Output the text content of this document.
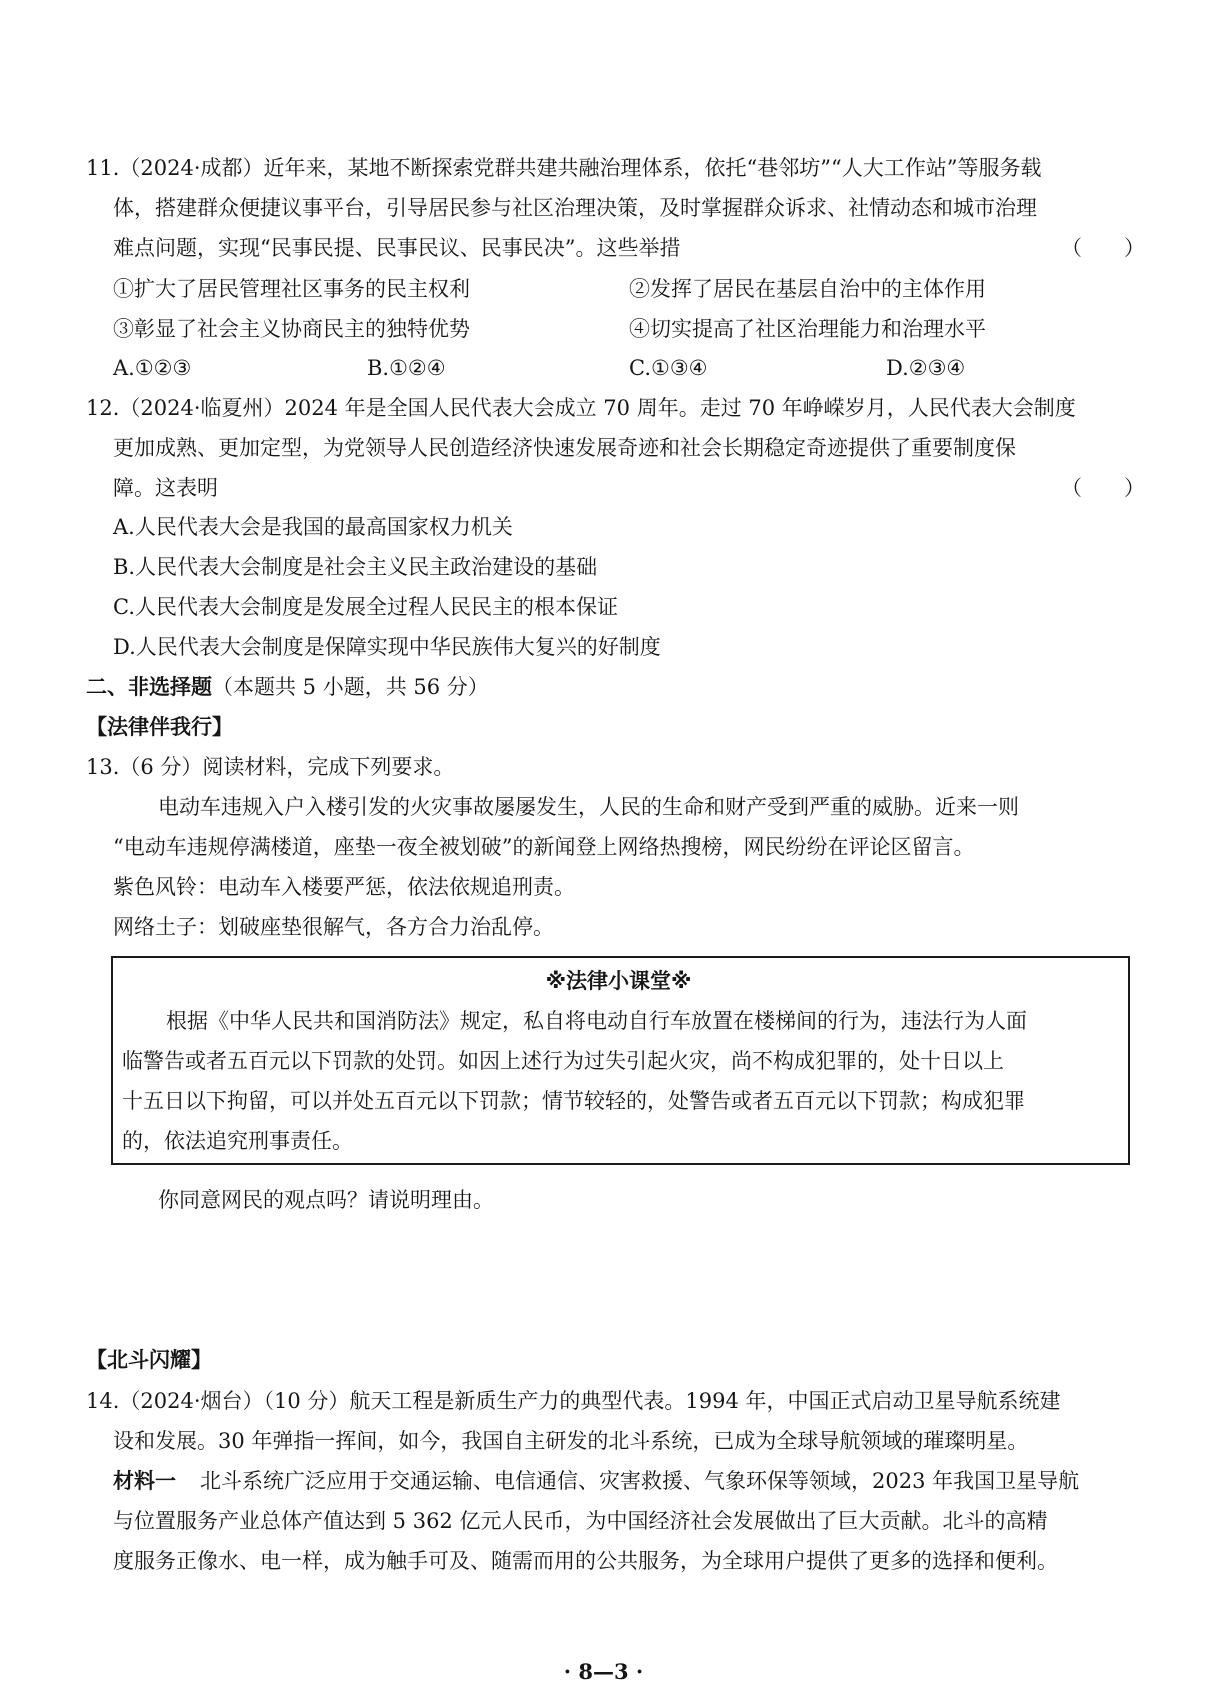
11.（2024·成都）近年来，某地不断探索党群共建共融治理体系，依托“巷邻坊”“人大工作站”等服务载
体，搭建群众便捷议事平台，引导居民参与社区治理决策，及时掌握群众诉求、社情动态和城市治理
难点问题，实现“民事民提、民事民议、民事民决”。这些举措	（　　）
①扩大了居民管理社区事务的民主权利	②发挥了居民在基层自治中的主体作用
③彰显了社会主义协商民主的独特优势	④切实提高了社区治理能力和治理水平
A.①②③	B.①②④	C.①③④	D.②③④
12.（2024·临夏州）2024 年是全国人民代表大会成立 70 周年。走过 70 年峥嵘岁月，人民代表大会制度
更加成熟、更加定型，为党领导人民创造经济快速发展奇迹和社会长期稳定奇迹提供了重要制度保
障。这表明	（　　）
A.人民代表大会是我国的最高国家权力机关
B.人民代表大会制度是社会主义民主政治建设的基础
C.人民代表大会制度是发展全过程人民民主的根本保证
D.人民代表大会制度是保障实现中华民族伟大复兴的好制度
二、非选择题（本题共 5 小题，共 56 分）
【法律伴我行】
13.（6 分）阅读材料，完成下列要求。
电动车违规入户入楼引发的火灾事故屡屡发生，人民的生命和财产受到严重的威胁。近来一则
“电动车违规停满楼道，座垫一夜全被划破”的新闻登上网络热搜榜，网民纷纷在评论区留言。
紫色风铃：电动车入楼要严惩，依法依规追刑责。
网络土子：划破座垫很解气，各方合力治乱停。
※法律小课堂※
根据《中华人民共和国消防法》规定，私自将电动自行车放置在楼梯间的行为，违法行为人面
临警告或者五百元以下罚款的处罚。如因上述行为过失引起火灾，尚不构成犯罪的，处十日以上
十五日以下拘留，可以并处五百元以下罚款；情节较轻的，处警告或者五百元以下罚款；构成犯罪
的，依法追究刑事责任。
你同意网民的观点吗？请说明理由。
【北斗闪耀】
14.（2024·烟台）（10 分）航天工程是新质生产力的典型代表。1994 年，中国正式启动卫星导航系统建
设和发展。30 年弹指一挥间，如今，我国自主研发的北斗系统，已成为全球导航领域的璀璨明星。
材料一 北斗系统广泛应用于交通运输、电信通信、灾害救援、气象环保等领域，2023 年我国卫星导航
与位置服务产业总体产值达到 5 362 亿元人民币，为中国经济社会发展做出了巨大贡献。北斗的高精
度服务正像水、电一样，成为触手可及、随需而用的公共服务，为全球用户提供了更多的选择和便利。
· 8—3 ·
